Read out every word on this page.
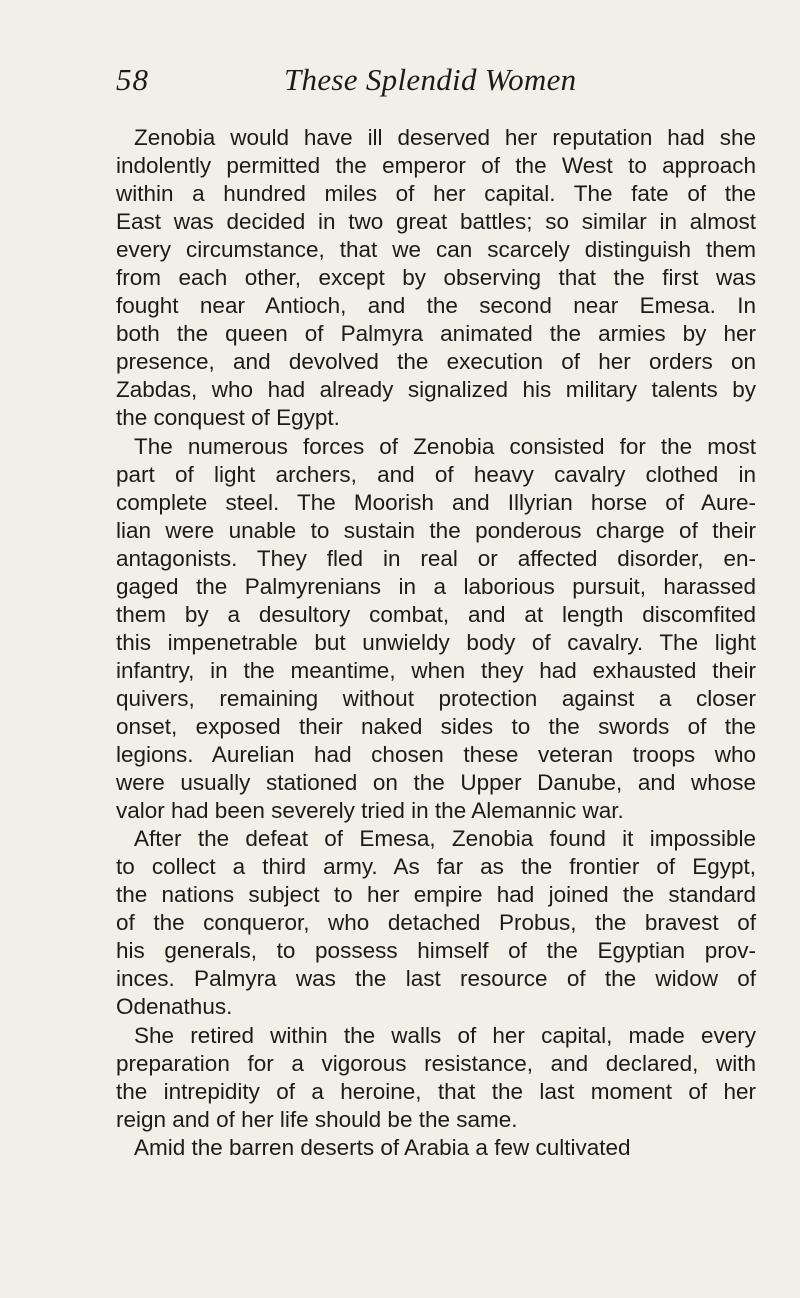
58	These Splendid Women
Zenobia would have ill deserved her reputation had she
indolently permitted the emperor of the West to approach
within a hundred miles of her capital. The fate of the
East was decided in two great battles; so similar in almost
every circumstance, that we can scarcely distinguish them
from each other, except by observing that the first was
fought near Antioch, and the second near Emesa. In
both the queen of Palmyra animated the armies by her
presence, and devolved the execution of her orders on
Zabdas, who had already signalized his military talents by
the conquest of Egypt.
The numerous forces of Zenobia consisted for the most
part of light archers, and of heavy cavalry clothed in
complete steel. The Moorish and Illyrian horse of Aure-
lian were unable to sustain the ponderous charge of their
antagonists. They fled in real or affected disorder, en-
gaged the Palmyrenians in a laborious pursuit, harassed
them by a desultory combat, and at length discomfited
this impenetrable but unwieldy body of cavalry. The light
infantry, in the meantime, when they had exhausted their
quivers, remaining without protection against a closer
onset, exposed their naked sides to the swords of the
legions. Aurelian had chosen these veteran troops who
were usually stationed on the Upper Danube, and whose
valor had been severely tried in the Alemannic war.
After the defeat of Emesa, Zenobia found it impossible
to collect a third army. As far as the frontier of Egypt,
the nations subject to her empire had joined the standard
of the conqueror, who detached Probus, the bravest of
his generals, to possess himself of the Egyptian prov-
inces. Palmyra was the last resource of the widow of
Odenathus.
She retired within the walls of her capital, made every
preparation for a vigorous resistance, and declared, with
the intrepidity of a heroine, that the last moment of her
reign and of her life should be the same.
Amid the barren deserts of Arabia a few cultivated
